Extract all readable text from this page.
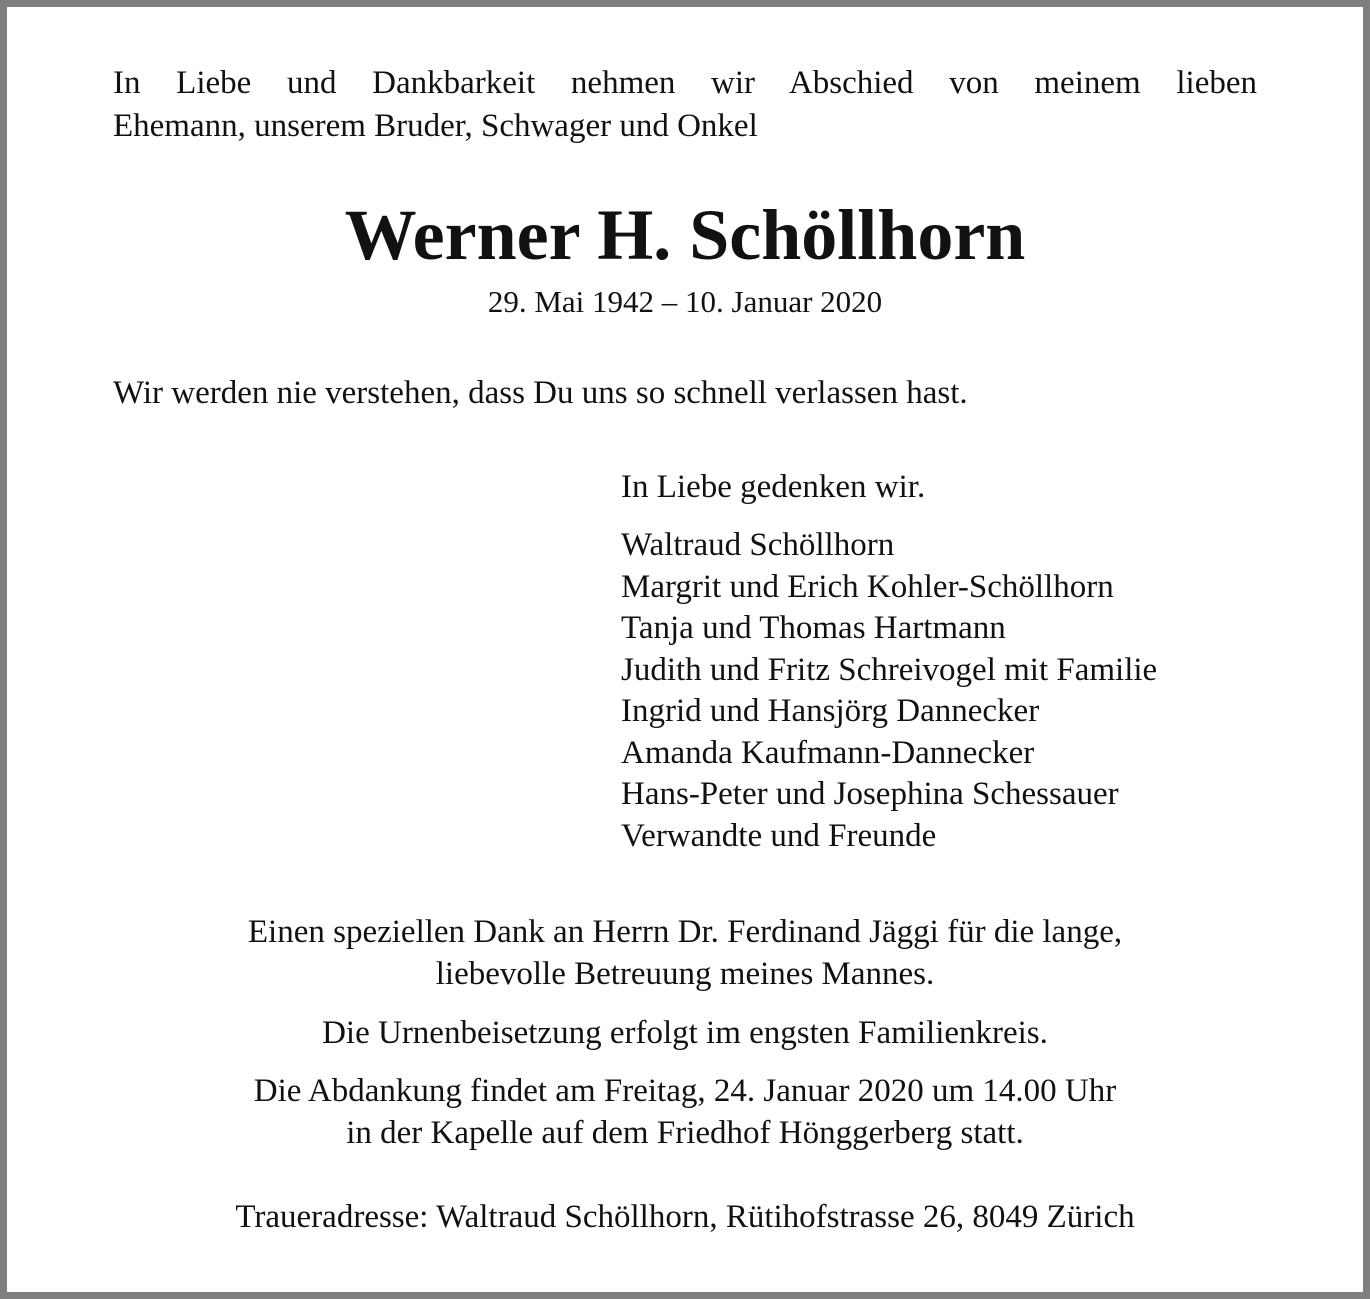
In Liebe und Dankbarkeit nehmen wir Abschied von meinem lieben
Ehemann, unserem Bruder, Schwager und Onkel
Werner H. Schöllhorn
29. Mai 1942 – 10. Januar 2020
Wir werden nie verstehen, dass Du uns so schnell verlassen hast.
In Liebe gedenken wir.
Waltraud Schöllhorn
Margrit und Erich Kohler-Schöllhorn
Tanja und Thomas Hartmann
Judith und Fritz Schreivogel mit Familie
Ingrid und Hansjörg Dannecker
Amanda Kaufmann-Dannecker
Hans-Peter und Josephina Schessauer
Verwandte und Freunde
Einen speziellen Dank an Herrn Dr. Ferdinand Jäggi für die lange,
liebevolle Betreuung meines Mannes.
Die Urnenbeisetzung erfolgt im engsten Familienkreis.
Die Abdankung findet am Freitag, 24. Januar 2020 um 14.00 Uhr
in der Kapelle auf dem Friedhof Hönggerberg statt.
Traueradresse: Waltraud Schöllhorn, Rütihofstrasse 26, 8049 Zürich
